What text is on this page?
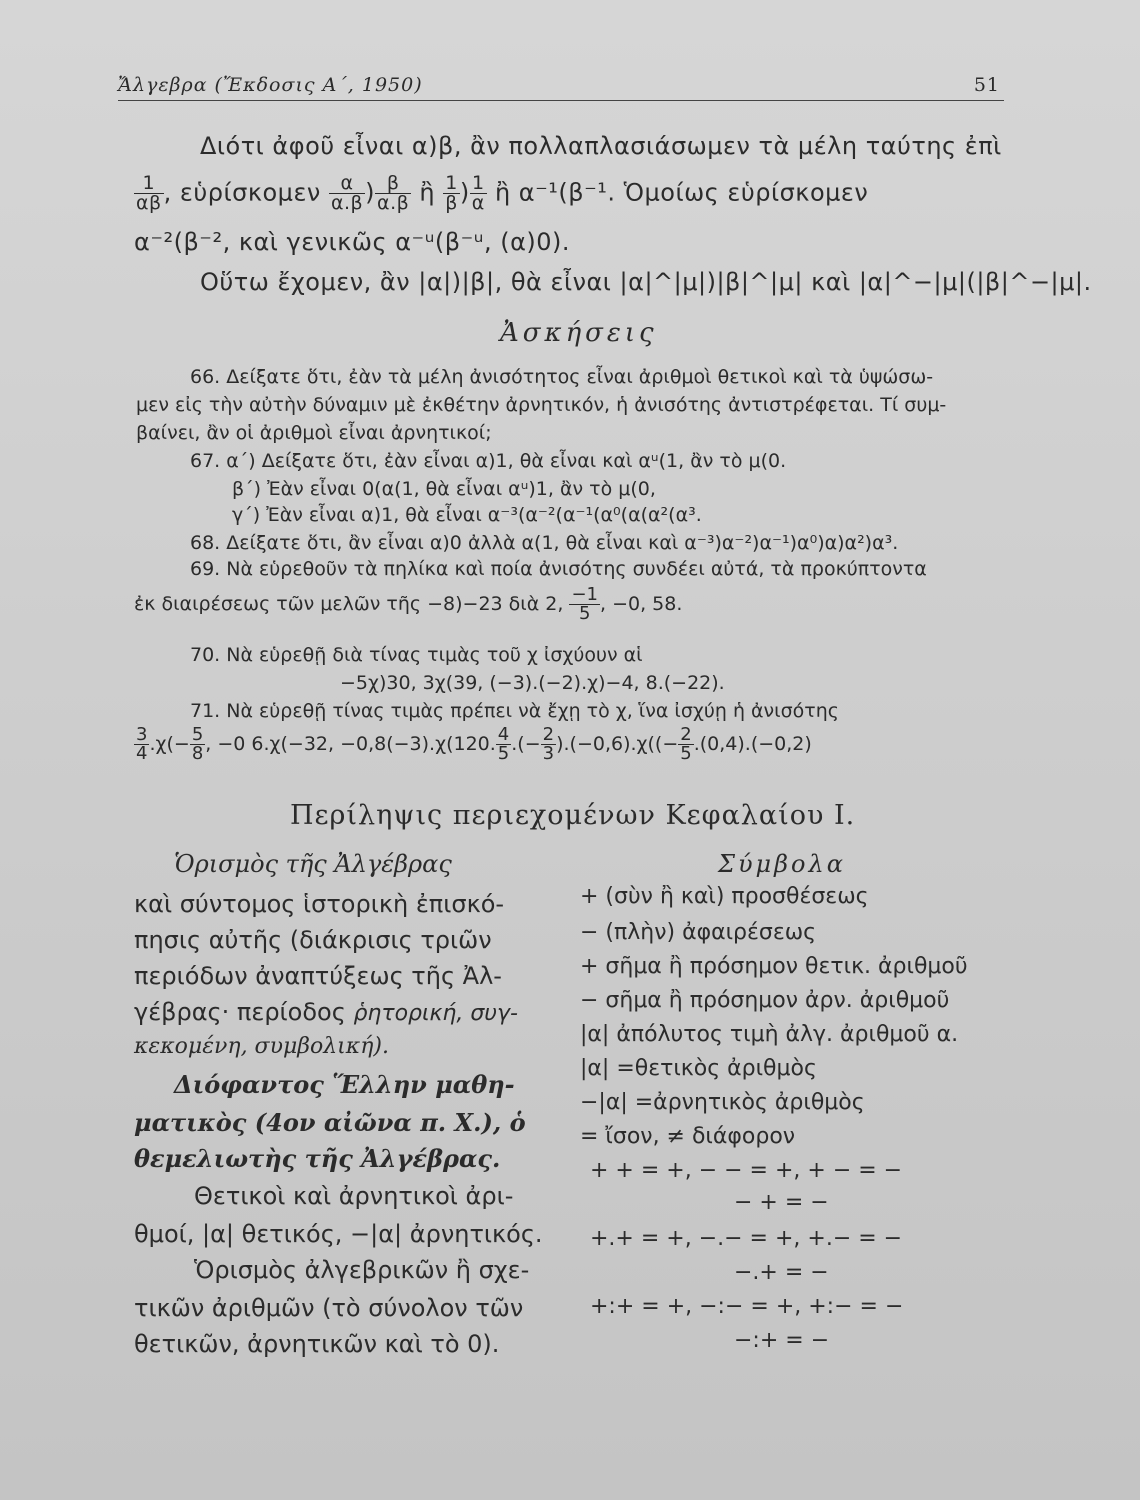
Ἄλγεβρα (Ἔκδοσις Α΄, 1950)	51
Διότι ἀφοῦ εἶναι α)β, ἂν πολλαπλασιάσωμεν τὰ μέλη ταύτης ἐπὶ
$\frac{1}{\alpha\beta}$ , εὑρίσκομεν $\frac{\alpha}{\alpha.\beta}$ ) $\frac{\beta}{\alpha.\beta}$ ἢ $\frac{1}{\beta}$ ) $\frac{1}{\alpha}$ ἢ α⁻¹(β⁻¹. Ὁμοίως εὑρίσκομεν
α⁻²(β⁻², καὶ γενικῶς α⁻ᵘ(β⁻ᵘ, (α)0).
Οὕτω ἔχομεν, ἂν |α|)|β|, θὰ εἶναι |α|^|μ|)|β|^|μ| καὶ |α|^−|μ|(|β|^−|μ|.
Ἀσκήσεις
66. Δείξατε ὅτι, ἐὰν τὰ μέλη ἀνισότητος εἶναι ἀριθμοὶ θετικοὶ καὶ τὰ ὑψώσω-
μεν εἰς τὴν αὐτὴν δύναμιν μὲ ἐκθέτην ἀρνητικόν, ἡ ἀνισότης ἀντιστρέφεται. Τί συμ-
βαίνει, ἂν οἱ ἀριθμοὶ εἶναι ἀρνητικοί;
67. α΄) Δείξατε ὅτι, ἐὰν εἶναι α)1, θὰ εἶναι καὶ αᵘ(1, ἂν τὸ μ(0.
β΄) Ἐὰν εἶναι 0(α(1, θὰ εἶναι αᵘ)1, ἂν τὸ μ(0,
γ΄) Ἐὰν εἶναι α)1, θὰ εἶναι α⁻³(α⁻²(α⁻¹(α⁰(α(α²(α³.
68. Δείξατε ὅτι, ἂν εἶναι α)0 ἀλλὰ α(1, θὰ εἶναι καὶ α⁻³)α⁻²)α⁻¹)α⁰)α)α²)α³.
69. Νὰ εὑρεθοῦν τὰ πηλίκα καὶ ποία ἀνισότης συνδέει αὐτά, τὰ προκύπτοντα
ἐκ διαιρέσεως τῶν μελῶν τῆς −8)−23 διὰ 2, $\frac{-1}{5}$ , −0, 58.
70. Νὰ εὑρεθῇ διὰ τίνας τιμὰς τοῦ χ ἰσχύουν αἱ
−5χ)30, 3χ(39, (−3).(−2).χ)−4, 8.(−22).
71. Νὰ εὑρεθῇ τίνας τιμὰς πρέπει νὰ ἔχῃ τὸ χ, ἵνα ἰσχύῃ ἡ ἀνισότης
$\frac{3}{4} .\chi(- \frac{5}{8}$ , −0 6.χ(−32, −0,8(−3).χ(120. $\frac{4}{5}$ .(− $\frac{2}{3} ).(-0,6).\chi((- \frac{2}{5} .(0,4).(-0,2)$
Περίληψις περιεχομένων Κεφαλαίου Ι.
Ὁρισμὸς τῆς Ἀλγέβρας
καὶ σύντομος ἱστορικὴ ἐπισκό-
πησις αὐτῆς (διάκρισις τριῶν
περιόδων ἀναπτύξεως τῆς Ἀλ-
γέβρας· περίοδος ῥητορική, συγ-
κεκομένη, συμβολική).
Διόφαντος Ἕλλην μαθη-
ματικὸς (4ον αἰῶνα π. Χ.), ὁ
θεμελιωτὴς τῆς Ἀλγέβρας.
Θετικοὶ καὶ ἀρνητικοὶ ἀρι-
θμοί, |α| θετικός, −|α| ἀρνητικός.
Ὁρισμὸς ἀλγεβρικῶν ἢ σχε-
τικῶν ἀριθμῶν (τὸ σύνολον τῶν
θετικῶν, ἀρνητικῶν καὶ τὸ 0).
Σύμβολα
+ (σὺν ἢ καὶ) προσθέσεως
− (πλὴν) ἀφαιρέσεως
+ σῆμα ἢ πρόσημον θετικ. ἀριθμοῦ
− σῆμα ἢ πρόσημον ἀρν. ἀριθμοῦ
|α| ἀπόλυτος τιμὴ ἀλγ. ἀριθμοῦ α.
|α| =θετικὸς ἀριθμὸς
−|α| =ἀρνητικὸς ἀριθμὸς
= ἴσον, ≠ διάφορον
+ + = +, − − = +, + − = −
− + = −
+.+ = +, −.− = +, +.− = −
−.+ = −
+:+ = +, −:− = +, +:− = −
−:+ = −
